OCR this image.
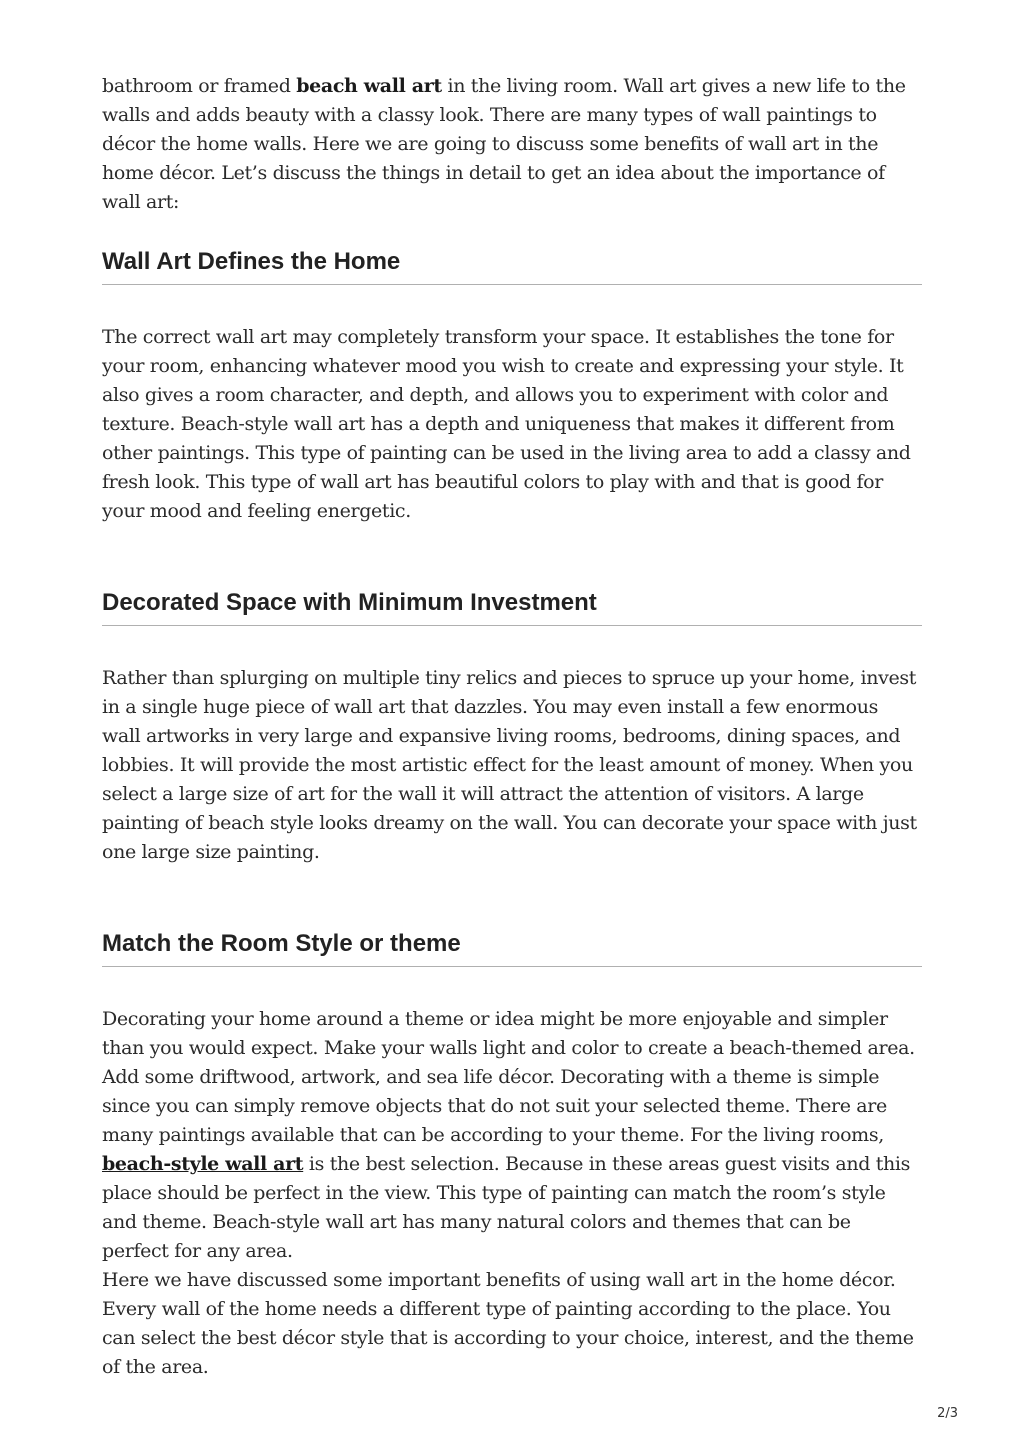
bathroom or framed beach wall art in the living room. Wall art gives a new life to the walls and adds beauty with a classy look. There are many types of wall paintings to décor the home walls. Here we are going to discuss some benefits of wall art in the home décor. Let’s discuss the things in detail to get an idea about the importance of wall art:

Wall Art Defines the Home

The correct wall art may completely transform your space. It establishes the tone for your room, enhancing whatever mood you wish to create and expressing your style. It also gives a room character, and depth, and allows you to experiment with color and texture. Beach-style wall art has a depth and uniqueness that makes it different from other paintings. This type of painting can be used in the living area to add a classy and fresh look. This type of wall art has beautiful colors to play with and that is good for your mood and feeling energetic.

Decorated Space with Minimum Investment

Rather than splurging on multiple tiny relics and pieces to spruce up your home, invest in a single huge piece of wall art that dazzles. You may even install a few enormous wall artworks in very large and expansive living rooms, bedrooms, dining spaces, and lobbies. It will provide the most artistic effect for the least amount of money. When you select a large size of art for the wall it will attract the attention of visitors. A large painting of beach style looks dreamy on the wall. You can decorate your space with just one large size painting.

Match the Room Style or theme

Decorating your home around a theme or idea might be more enjoyable and simpler than you would expect. Make your walls light and color to create a beach-themed area. Add some driftwood, artwork, and sea life décor. Decorating with a theme is simple since you can simply remove objects that do not suit your selected theme. There are many paintings available that can be according to your theme. For the living rooms, beach-style wall art is the best selection. Because in these areas guest visits and this place should be perfect in the view. This type of painting can match the room’s style and theme. Beach-style wall art has many natural colors and themes that can be perfect for any area.

Here we have discussed some important benefits of using wall art in the home décor. Every wall of the home needs a different type of painting according to the place. You can select the best décor style that is according to your choice, interest, and the theme of the area.

2/3
